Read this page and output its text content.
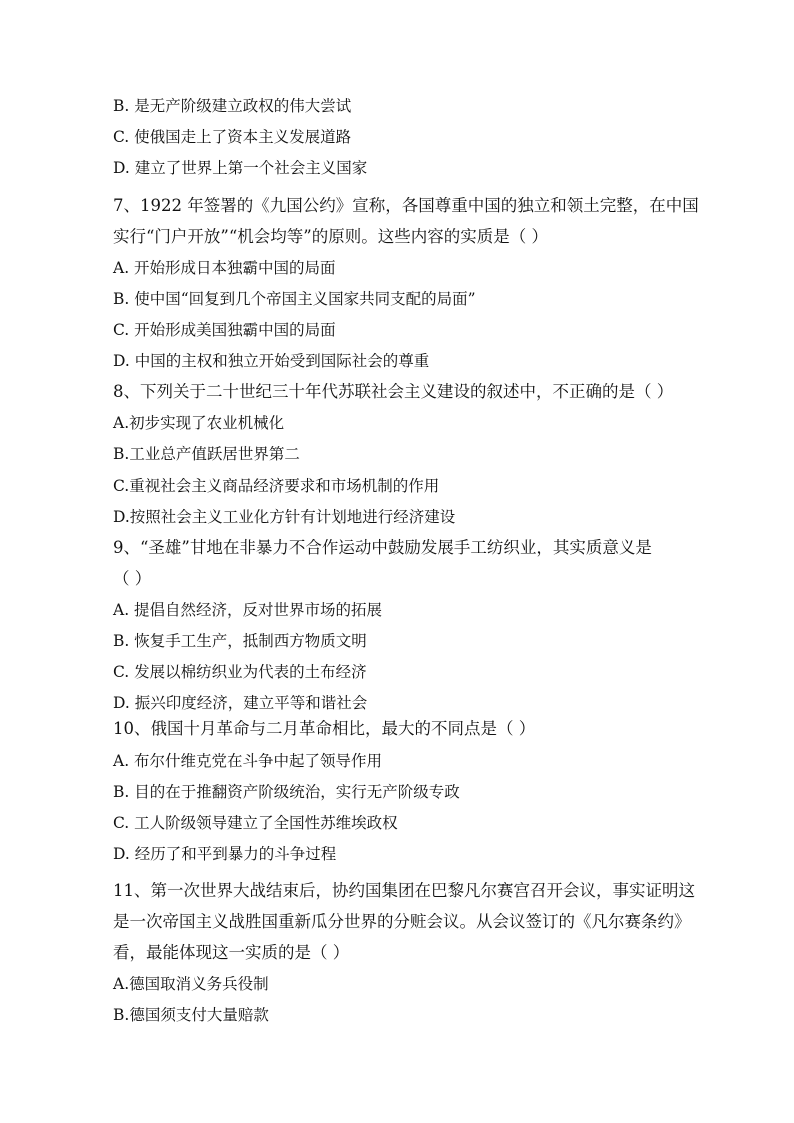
B. 是无产阶级建立政权的伟大尝试
C. 使俄国走上了资本主义发展道路
D. 建立了世界上第一个社会主义国家
7、1922 年签署的《九国公约》宣称，各国尊重中国的独立和领土完整，在中国
实行“门户开放”“机会均等”的原则。这些内容的实质是（ ）
A. 开始形成日本独霸中国的局面
B. 使中国“回复到几个帝国主义国家共同支配的局面”
C. 开始形成美国独霸中国的局面
D. 中国的主权和独立开始受到国际社会的尊重
8、下列关于二十世纪三十年代苏联社会主义建设的叙述中，不正确的是（ ）
A.初步实现了农业机械化
B.工业总产值跃居世界第二
C.重视社会主义商品经济要求和市场机制的作用
D.按照社会主义工业化方针有计划地进行经济建设
9、“圣雄”甘地在非暴力不合作运动中鼓励发展手工纺织业，其实质意义是
（ ）
A. 提倡自然经济，反对世界市场的拓展
B. 恢复手工生产，抵制西方物质文明
C. 发展以棉纺织业为代表的土布经济
D. 振兴印度经济，建立平等和谐社会
10、俄国十月革命与二月革命相比，最大的不同点是（ ）
A. 布尔什维克党在斗争中起了领导作用
B. 目的在于推翻资产阶级统治，实行无产阶级专政
C. 工人阶级领导建立了全国性苏维埃政权
D. 经历了和平到暴力的斗争过程
11、第一次世界大战结束后，协约国集团在巴黎凡尔赛宫召开会议，事实证明这
是一次帝国主义战胜国重新瓜分世界的分赃会议。从会议签订的《凡尔赛条约》
看，最能体现这一实质的是（ ）
A.德国取消义务兵役制
B.德国须支付大量赔款
